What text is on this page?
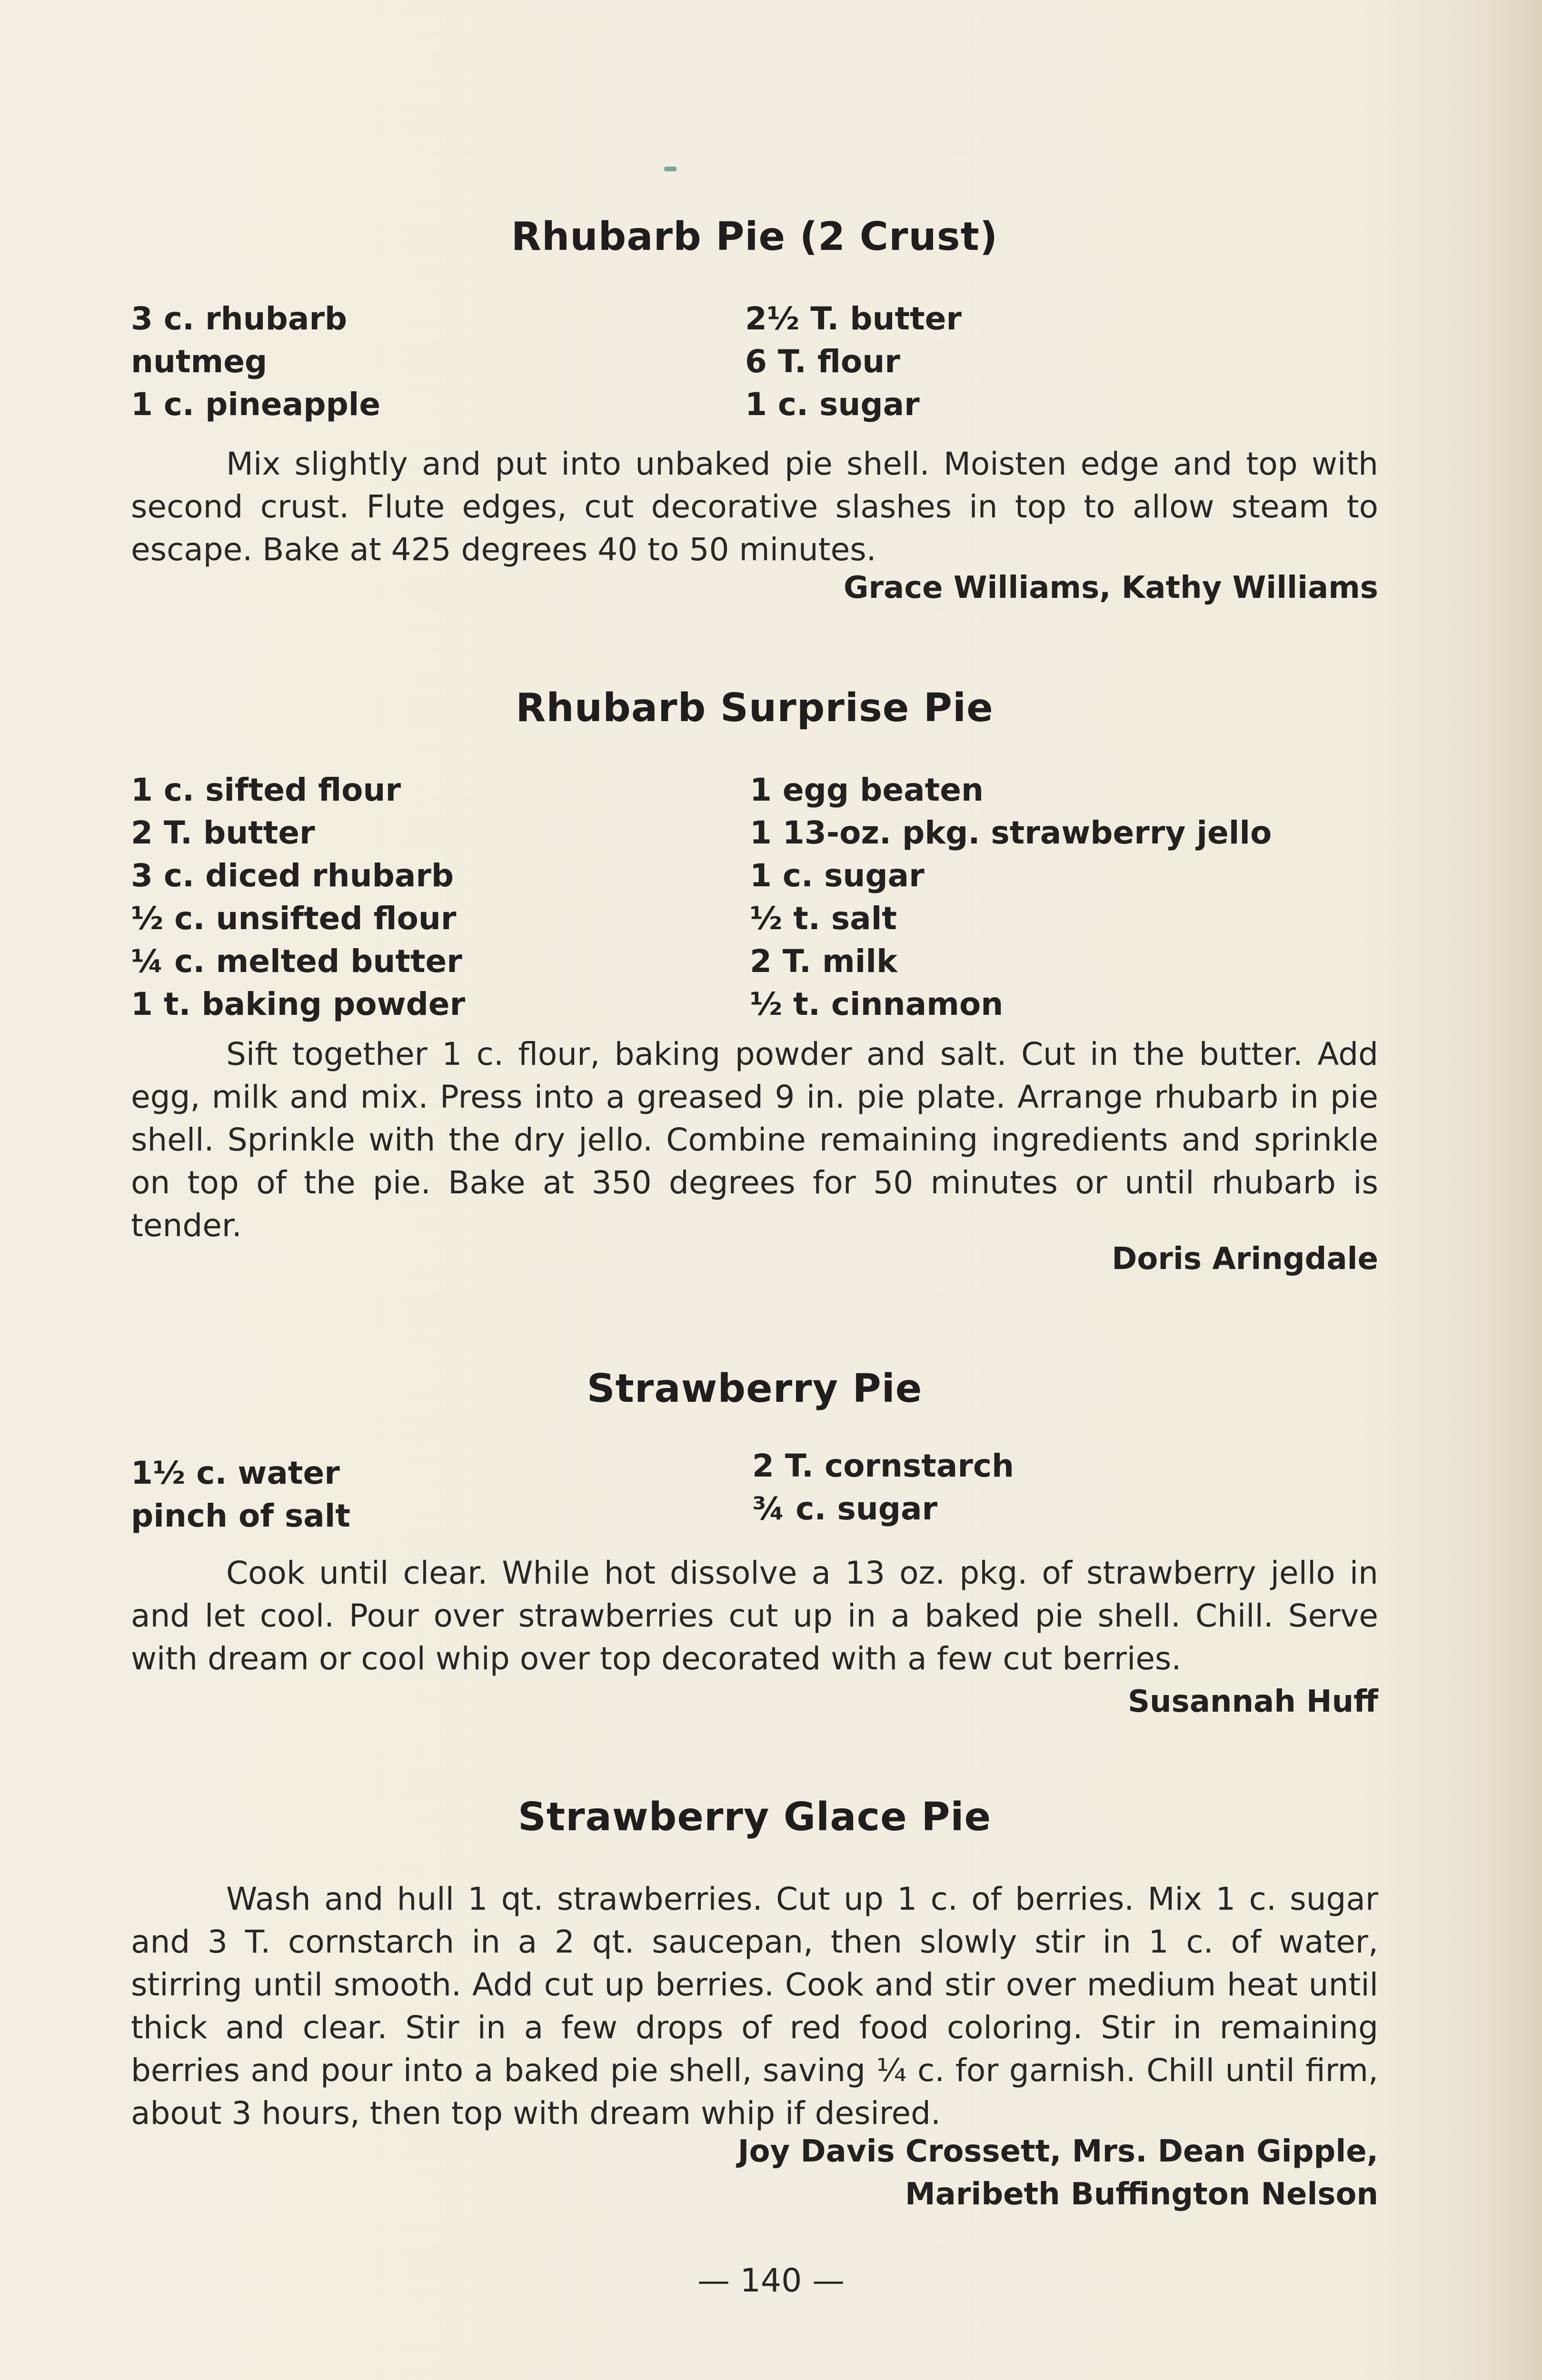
Rhubarb Pie (2 Crust)
3 c. rhubarb
nutmeg
1 c. pineapple
2½ T. butter
6 T. flour
1 c. sugar
Mix slightly and put into unbaked pie shell. Moisten edge and top with second crust. Flute edges, cut decorative slashes in top to allow steam to escape. Bake at 425 degrees 40 to 50 minutes.
Grace Williams, Kathy Williams
Rhubarb Surprise Pie
1 c. sifted flour
2 T. butter
3 c. diced rhubarb
½ c. unsifted flour
¼ c. melted butter
1 t. baking powder
1 egg beaten
1 13-oz. pkg. strawberry jello
1 c. sugar
½ t. salt
2 T. milk
½ t. cinnamon
Sift together 1 c. flour, baking powder and salt. Cut in the butter. Add egg, milk and mix. Press into a greased 9 in. pie plate. Arrange rhubarb in pie shell. Sprinkle with the dry jello. Combine remaining ingredients and sprinkle on top of the pie. Bake at 350 degrees for 50 minutes or until rhubarb is tender.
Doris Aringdale
Strawberry Pie
1½ c. water
pinch of salt
2 T. cornstarch
¾ c. sugar
Cook until clear. While hot dissolve a 13 oz. pkg. of strawberry jello in and let cool. Pour over strawberries cut up in a baked pie shell. Chill. Serve with dream or cool whip over top decorated with a few cut berries.
Susannah Huff
Strawberry Glace Pie
Wash and hull 1 qt. strawberries. Cut up 1 c. of berries. Mix 1 c. sugar and 3 T. cornstarch in a 2 qt. saucepan, then slowly stir in 1 c. of water, stirring until smooth. Add cut up berries. Cook and stir over medium heat until thick and clear. Stir in a few drops of red food coloring. Stir in remaining berries and pour into a baked pie shell, saving ¼ c. for garnish. Chill until firm, about 3 hours, then top with dream whip if desired.
Joy Davis Crossett, Mrs. Dean Gipple,
Maribeth Buffington Nelson
— 140 —
